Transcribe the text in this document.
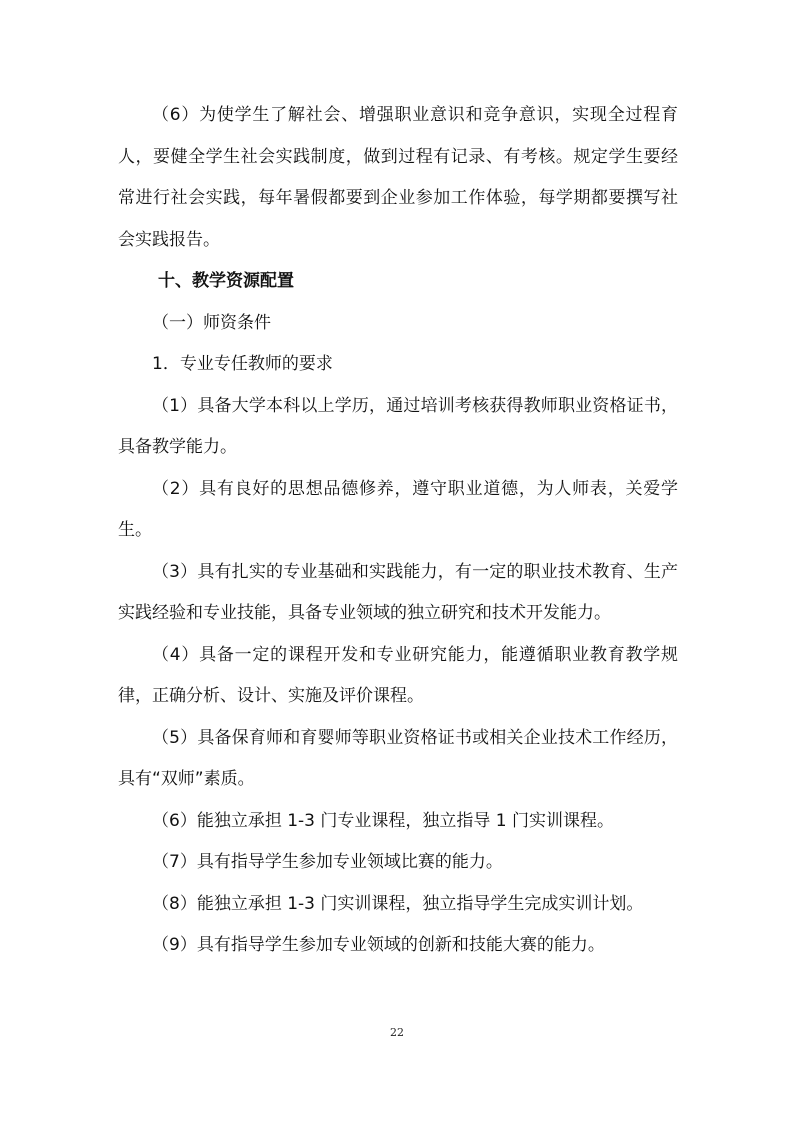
（6）为使学生了解社会、增强职业意识和竞争意识，实现全过程育人，要健全学生社会实践制度，做到过程有记录、有考核。规定学生要经常进行社会实践，每年暑假都要到企业参加工作体验，每学期都要撰写社会实践报告。

十、教学资源配置

（一）师资条件

1．专业专任教师的要求

（1）具备大学本科以上学历，通过培训考核获得教师职业资格证书，具备教学能力。

（2）具有良好的思想品德修养，遵守职业道德，为人师表，关爱学生。

（3）具有扎实的专业基础和实践能力，有一定的职业技术教育、生产实践经验和专业技能，具备专业领域的独立研究和技术开发能力。

（4）具备一定的课程开发和专业研究能力，能遵循职业教育教学规律，正确分析、设计、实施及评价课程。

（5）具备保育师和育婴师等职业资格证书或相关企业技术工作经历，具有“双师”素质。

（6）能独立承担 1-3 门专业课程，独立指导 1 门实训课程。

（7）具有指导学生参加专业领域比赛的能力。

（8）能独立承担 1-3 门实训课程，独立指导学生完成实训计划。

（9）具有指导学生参加专业领域的创新和技能大赛的能力。

22
